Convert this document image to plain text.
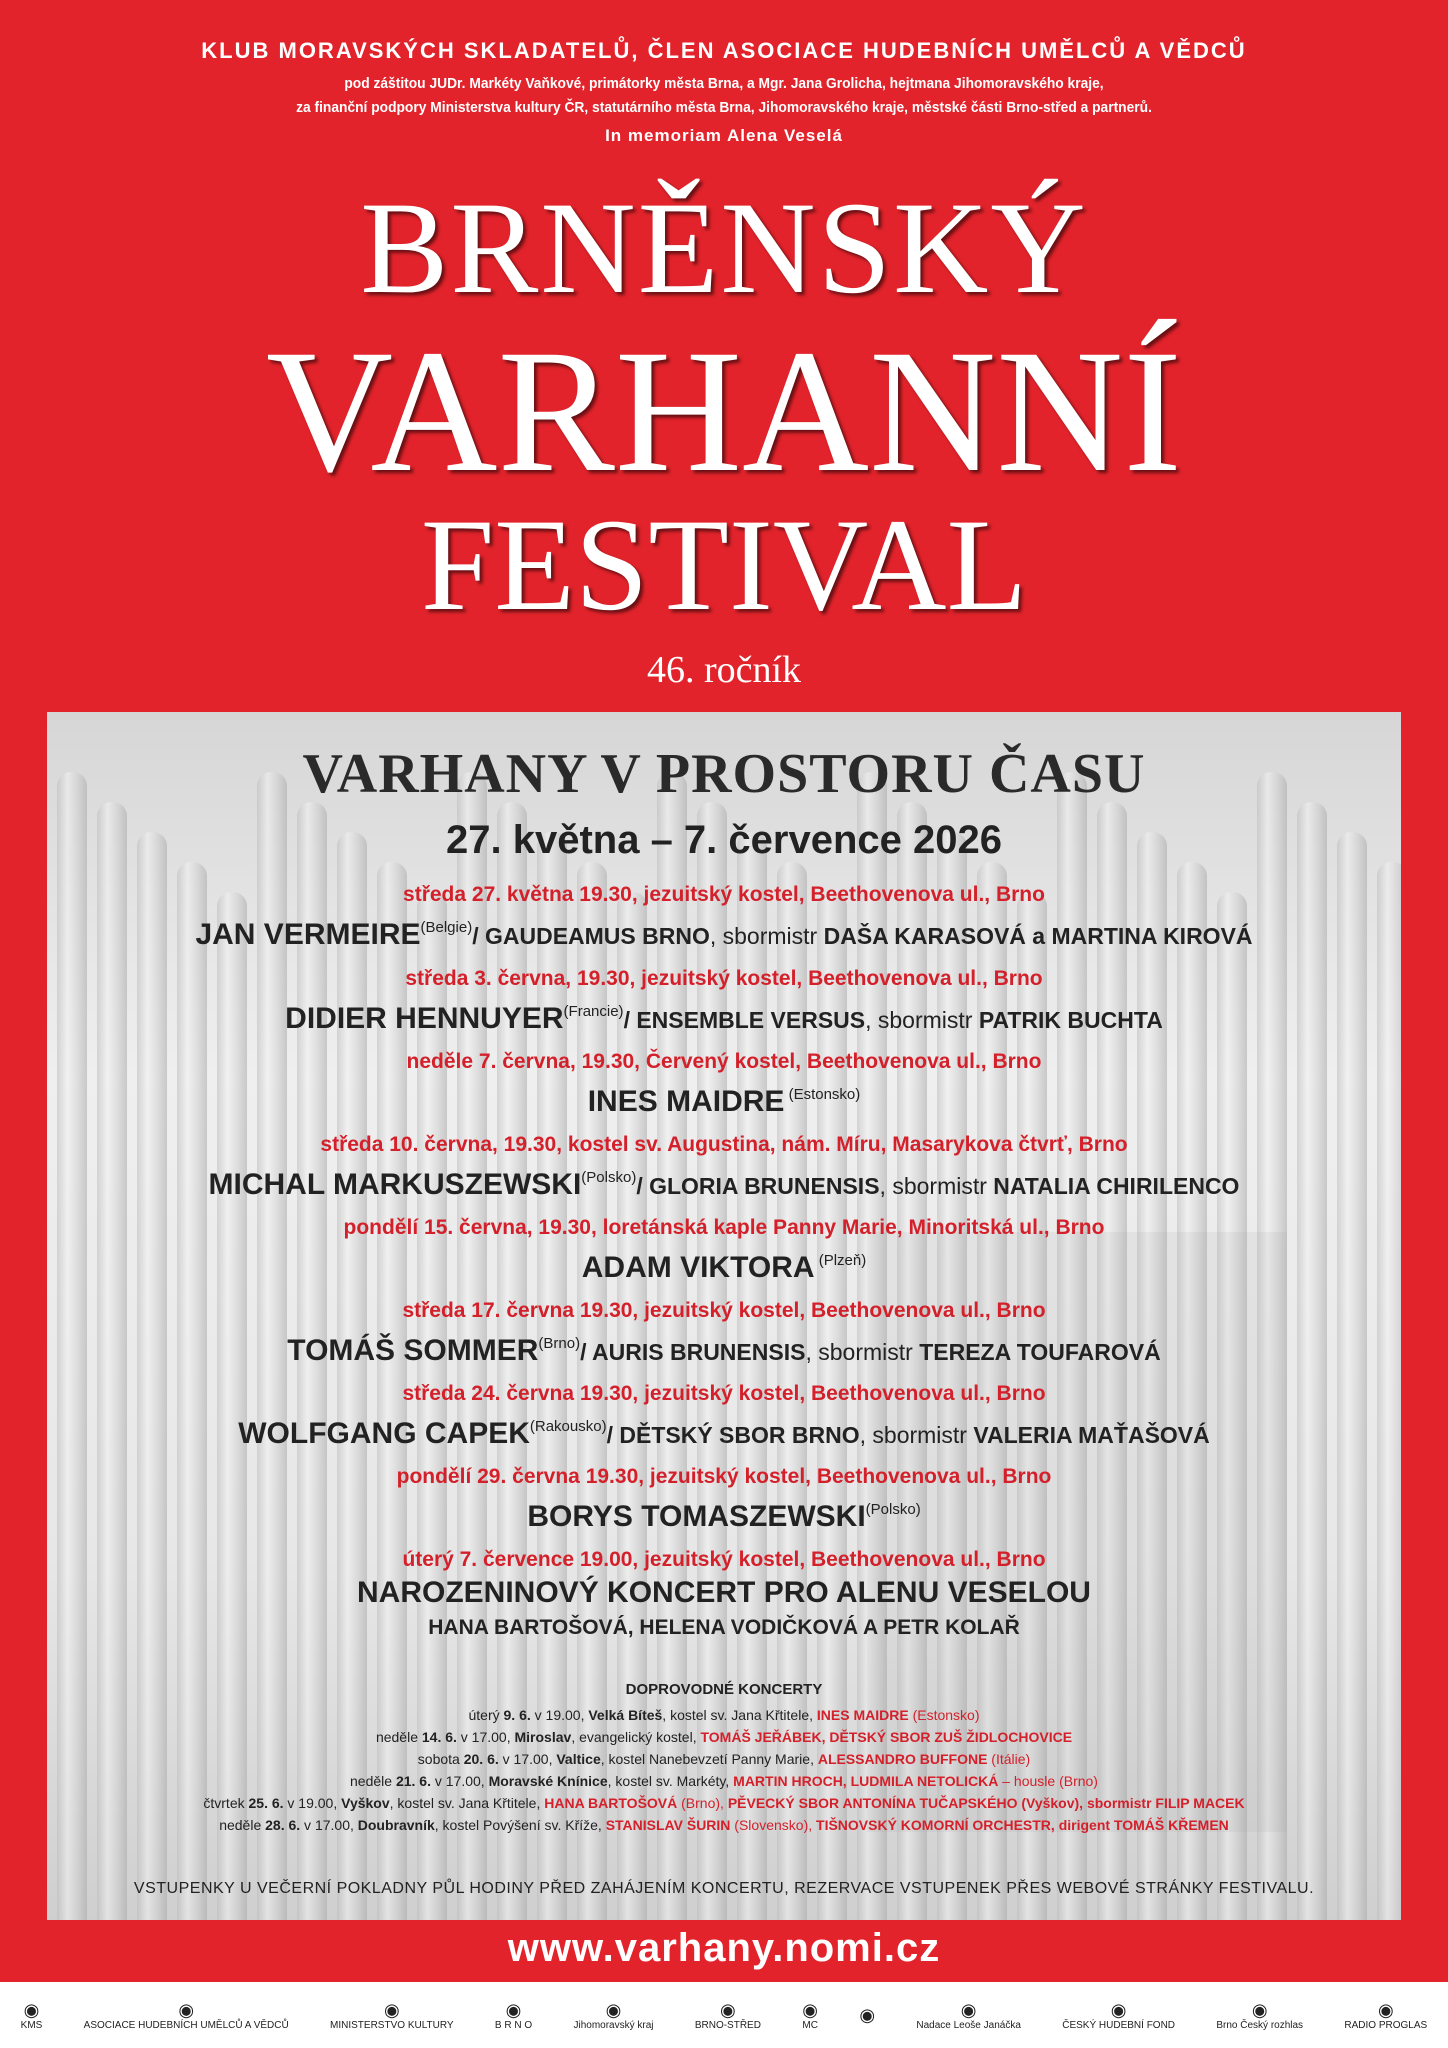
KLUB MORAVSKÝCH SKLADATELŮ, ČLEN ASOCIACE HUDEBNÍCH UMĚLCŮ A VĚDCŮ
pod záštitou JUDr. Markéty Vaňkové, primátorky města Brna, a Mgr. Jana Grolicha, hejtmana Jihomoravského kraje,
za finanční podpory Ministerstva kultury ČR, statutárního města Brna, Jihomoravského kraje, městské části Brno-střed a partnerů.
In memoriam Alena Veselá
BRNĚNSKÝ
VARHANNÍ
FESTIVAL
46. ročník
VARHANY V PROSTORU ČASU
27. května – 7. července 2026
středa 27. května 19.30, jezuitský kostel, Beethovenova ul., Brno
JAN $VERMEIRE^{(Belgie)}/$ GAUDEAMUS BRNO, sbormistr DAŠA KARASOVÁ a MARTINA KIROVÁ
středa 3. června, 19.30, jezuitský kostel, Beethovenova ul., Brno
DIDIER $HENNUYER^{(Francie)}/$ ENSEMBLE VERSUS, sbormistr PATRIK BUCHTA
neděle 7. června, 19.30, Červený kostel, Beethovenova ul., Brno
INES MAIDRE $^{(Estonsko)}$
středa 10. června, 19.30, kostel sv. Augustina, nám. Míru, Masarykova čtvrť, Brno
MICHAL $MARKUSZEWSKI^{(Polsko)}/$ GLORIA BRUNENSIS, sbormistr NATALIA CHIRILENCO
pondělí 15. června, 19.30, loretánská kaple Panny Marie, Minoritská ul., Brno
ADAM VIKTORA $^{(Plzeň)}$
středa 17. června 19.30, jezuitský kostel, Beethovenova ul., Brno
TOMÁŠ $SOMMER^{(Brno)}/$ AURIS BRUNENSIS, sbormistr TEREZA TOUFAROVÁ
středa 24. června 19.30, jezuitský kostel, Beethovenova ul., Brno
WOLFGANG $CAPEK^{(Rakousko)}/$ DĚTSKÝ SBOR BRNO, sbormistr VALERIA MAŤAŠOVÁ
pondělí 29. června 19.30, jezuitský kostel, Beethovenova ul., Brno
BORYS $TOMASZEWSKI^{(Polsko)}$
úterý 7. července 19.00, jezuitský kostel, Beethovenova ul., Brno
NAROZENINOVÝ KONCERT PRO ALENU VESELOU
HANA BARTOŠOVÁ, HELENA VODIČKOVÁ A PETR KOLAŘ
DOPROVODNÉ KONCERTY
úterý 9. 6. v 19.00, Velká Bíteš, kostel sv. Jana Křtitele, INES MAIDRE (Estonsko)
neděle 14. 6. v 17.00, Miroslav, evangelický kostel, TOMÁŠ JEŘÁBEK, DĚTSKÝ SBOR ZUŠ ŽIDLOCHOVICE
sobota 20. 6. v 17.00, Valtice, kostel Nanebevzetí Panny Marie, ALESSANDRO BUFFONE (Itálie)
neděle 21. 6. v 17.00, Moravské Knínice, kostel sv. Markéty, MARTIN HROCH, LUDMILA NETOLICKÁ – housle (Brno)
čtvrtek 25. 6. v 19.00, Vyškov, kostel sv. Jana Křtitele, HANA BARTOŠOVÁ (Brno), PĚVECKÝ SBOR ANTONÍNA TUČAPSKÉHO (Vyškov), sbormistr FILIP MACEK
neděle 28. 6. v 17.00, Doubravník, kostel Povýšení sv. Kříže, STANISLAV ŠURIN (Slovensko), TIŠNOVSKÝ KOMORNÍ ORCHESTR, dirigent TOMÁŠ KŘEMEN
VSTUPENKY U VEČERNÍ POKLADNY PŮL HODINY PŘED ZAHÁJENÍM KONCERTU, REZERVACE VSTUPENEK PŘES WEBOVÉ STRÁNKY FESTIVALU.
www.varhany.nomi.cz
◉
KMS
◉
ASOCIACE HUDEBNÍCH UMĚLCŮ A VĚDCŮ
◉
MINISTERSTVO KULTURY
◉
B R N O
◉
Jihomoravský kraj
◉
BRNO-STŘED
◉
MC ◉	◉
Nadace Leoše Janáčka
◉
ČESKÝ HUDEBNÍ FOND
◉
Brno Český rozhlas
◉
RADIO PROGLAS
